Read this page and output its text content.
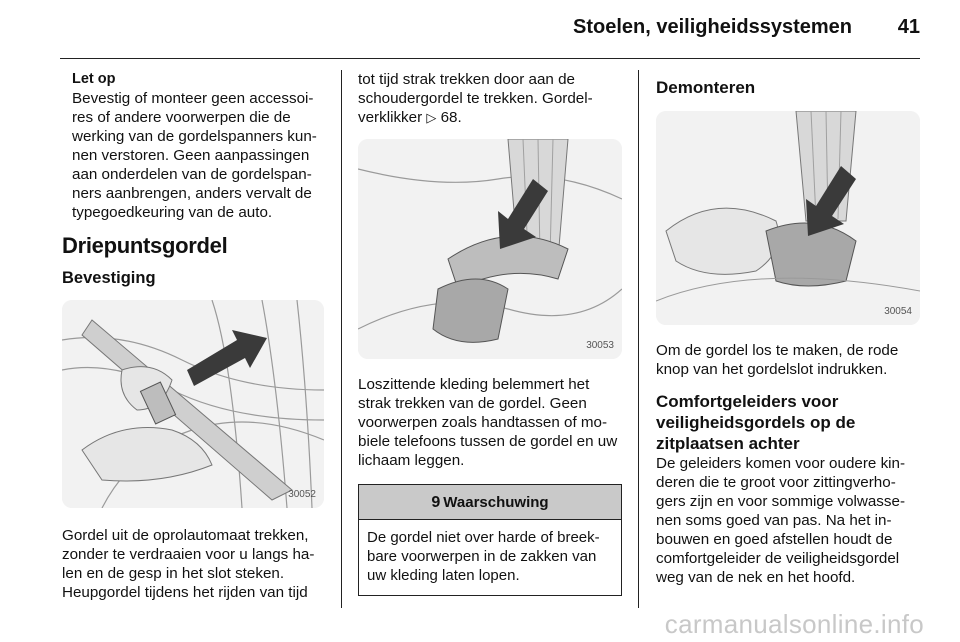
Stoelen, veiligheidssystemen 41

Let op

Bevestig of monteer geen accessoi-res of andere voorwerpen die de werking van de gordelspanners kun-nen verstoren. Geen aanpassingen aan onderdelen van de gordelspan-ners aanbrengen, anders vervalt de typegoedkeuring van de auto.

Driepuntsgordel
Bevestiging
30052

Gordel uit de oprolautomaat trekken, zonder te verdraaien voor u langs ha-len en de gesp in het slot steken. Heupgordel tijdens het rijden van tijd

tot tijd strak trekken door aan de schoudergordel te trekken. Gordel-verklikker ▷ 68.

30053

Loszittende kleding belemmert het strak trekken van de gordel. Geen voorwerpen zoals handtassen of mo-biele telefoons tussen de gordel en uw lichaam leggen.

9 Waarschuwing

De gordel niet over harde of breek-bare voorwerpen in de zakken van uw kleding laten lopen.

Demonteren
30054

Om de gordel los te maken, de rode knop van het gordelslot indrukken.

Comfortgeleiders voor veiligheidsgordels op de zitplaatsen achter

De geleiders komen voor oudere kin-deren die te groot voor zittingverho-gers zijn en voor sommige volwasse-nen soms goed van pas. Na het in-bouwen en goed afstellen houdt de comfortgeleider de veiligheidsgordel weg van de nek en het hoofd.

carmanualsonline.info
